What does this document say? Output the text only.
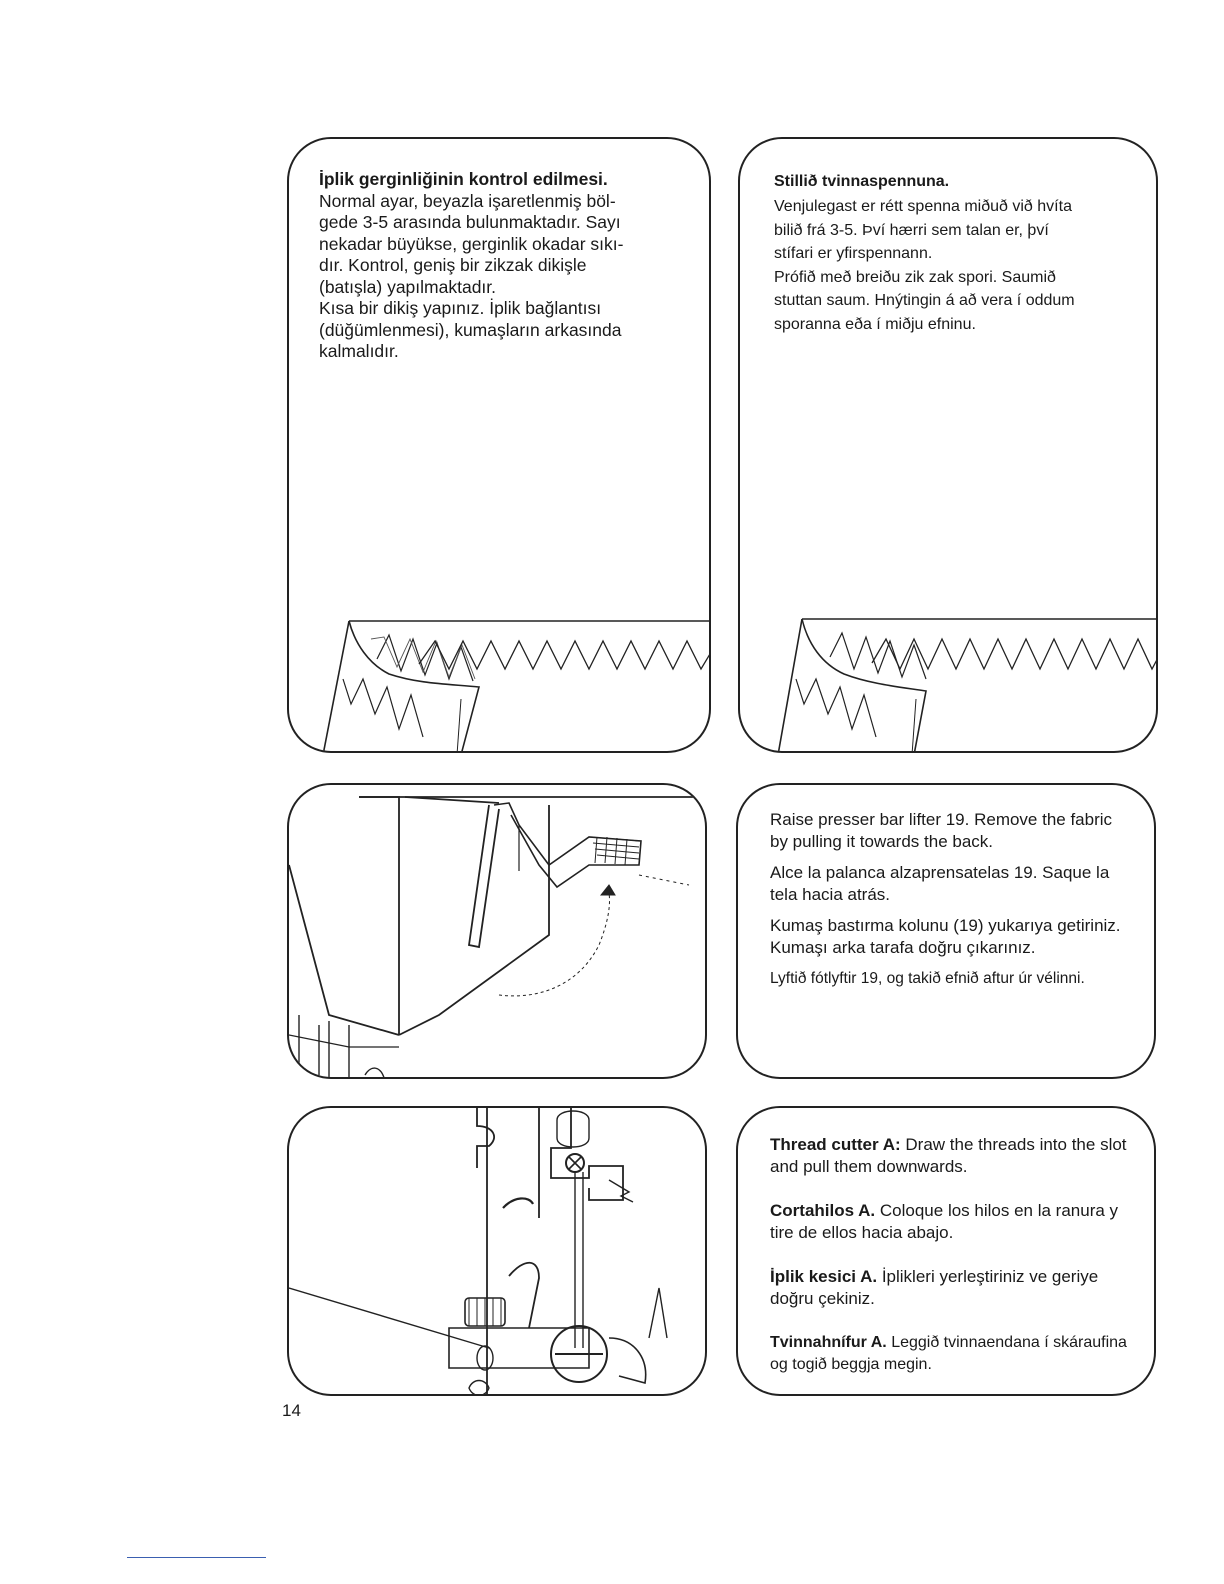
İplik gerginliğinin kontrol edilmesi.
Normal ayar, beyazla işaretlenmiş böl-
gede 3-5 arasında bulunmaktadır. Sayı
nekadar büyükse, gerginlik okadar sıkı-
dır. Kontrol, geniş bir zikzak dikişle
(batışla) yapılmaktadır.
Kısa bir dikiş yapınız. İplik bağlantısı
(düğümlenmesi), kumaşların arkasında
kalmalıdır.
Stillið tvinnaspennuna.
Venjulegast er rétt spenna miðuð við hvíta
bilið frá 3-5. Því hærri sem talan er, því
stífari er yfirspennann.
Prófið með breiðu zik zak spori. Saumið
stuttan saum. Hnýtingin á að vera í oddum
sporanna eða í miðju efninu.

Raise presser bar lifter 19. Remove the fabric by pulling it towards the back.

Alce la palanca alzaprensatelas 19. Saque la tela hacia atrás.

Kumaş bastırma kolunu (19) yukarıya getiriniz. Kumaşı arka tarafa doğru çıkarınız.

Lyftið fótlyftir 19, og takið efnið aftur úr vélinni.

Thread cutter A: Draw the threads into the slot and pull them downwards.
Cortahilos A. Coloque los hilos en la ranura y tire de ellos hacia abajo.
İplik kesici A. İplikleri yerleştiriniz ve geriye doğru çekiniz.
Tvinnahnífur A. Leggið tvinnaendana í skáraufina og togið beggja megin.
14
